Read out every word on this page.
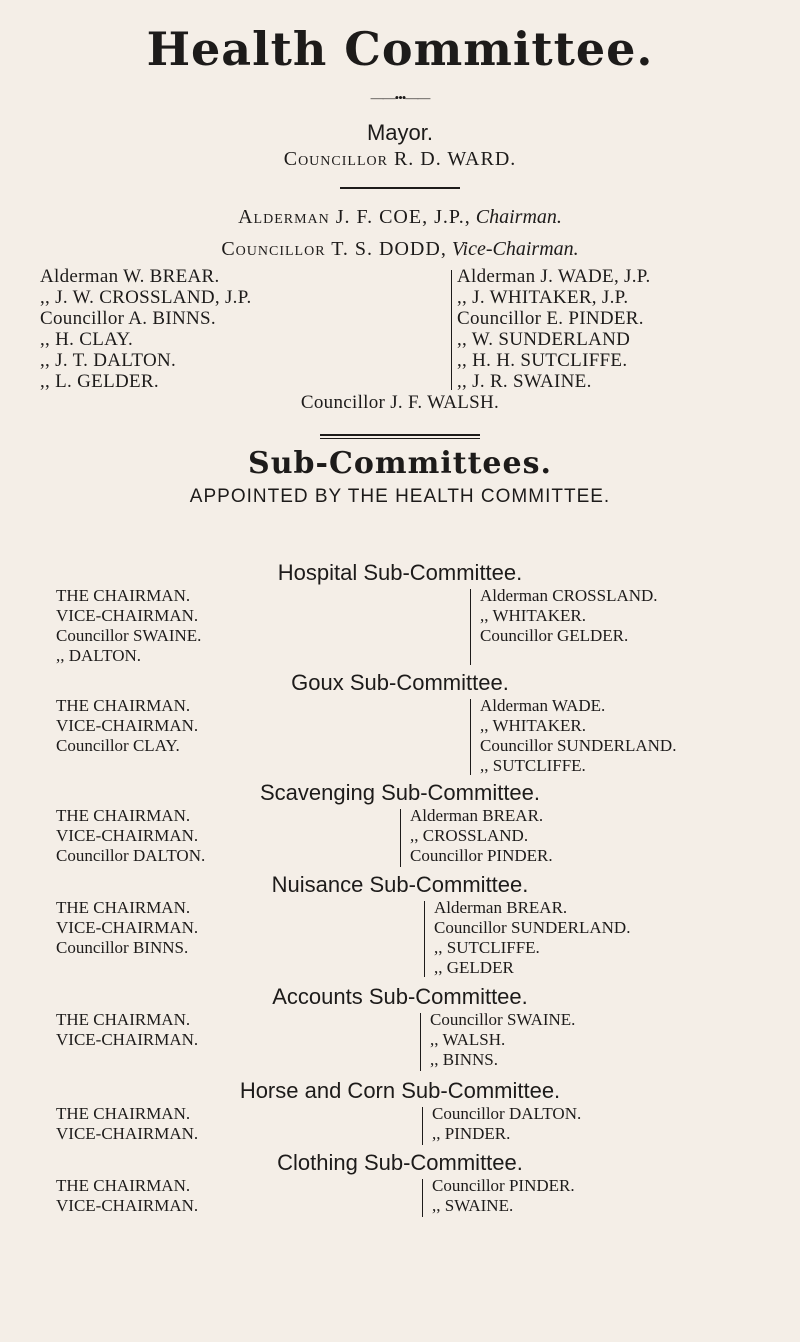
Health Committee.
——•••——
Mayor.
Councillor R. D. WARD.
Alderman J. F. COE, J.P., Chairman.
Councillor T. S. DODD, Vice-Chairman.
Alderman W. BREAR.
,, J. W. CROSSLAND, J.P.
Councillor A. BINNS.
,, H. CLAY.
,, J. T. DALTON.
,, L. GELDER.
Alderman J. WADE, J.P.
,, J. WHITAKER, J.P.
Councillor E. PINDER.
,, W. SUNDERLAND
,, H. H. SUTCLIFFE.
,, J. R. SWAINE.
Councillor J. F. WALSH.
Sub-Committees.
APPOINTED BY THE HEALTH COMMITTEE.
Hospital Sub-Committee.
THE CHAIRMAN.
VICE-CHAIRMAN.
Councillor SWAINE.
,, DALTON.
Alderman CROSSLAND.
,, WHITAKER.
Councillor GELDER.
Goux Sub-Committee.
THE CHAIRMAN.
VICE-CHAIRMAN.
Councillor CLAY.
Alderman WADE.
,, WHITAKER.
Councillor SUNDERLAND.
,, SUTCLIFFE.
Scavenging Sub-Committee.
THE CHAIRMAN.
VICE-CHAIRMAN.
Councillor DALTON.
Alderman BREAR.
,, CROSSLAND.
Councillor PINDER.
Nuisance Sub-Committee.
THE CHAIRMAN.
VICE-CHAIRMAN.
Councillor BINNS.
Alderman BREAR.
Councillor SUNDERLAND.
,, SUTCLIFFE.
,, GELDER
Accounts Sub-Committee.
THE CHAIRMAN.
VICE-CHAIRMAN.
Councillor SWAINE.
,, WALSH.
,, BINNS.
Horse and Corn Sub-Committee.
THE CHAIRMAN.
VICE-CHAIRMAN.
Councillor DALTON.
,, PINDER.
Clothing Sub-Committee.
THE CHAIRMAN.
VICE-CHAIRMAN.
Councillor PINDER.
,, SWAINE.
